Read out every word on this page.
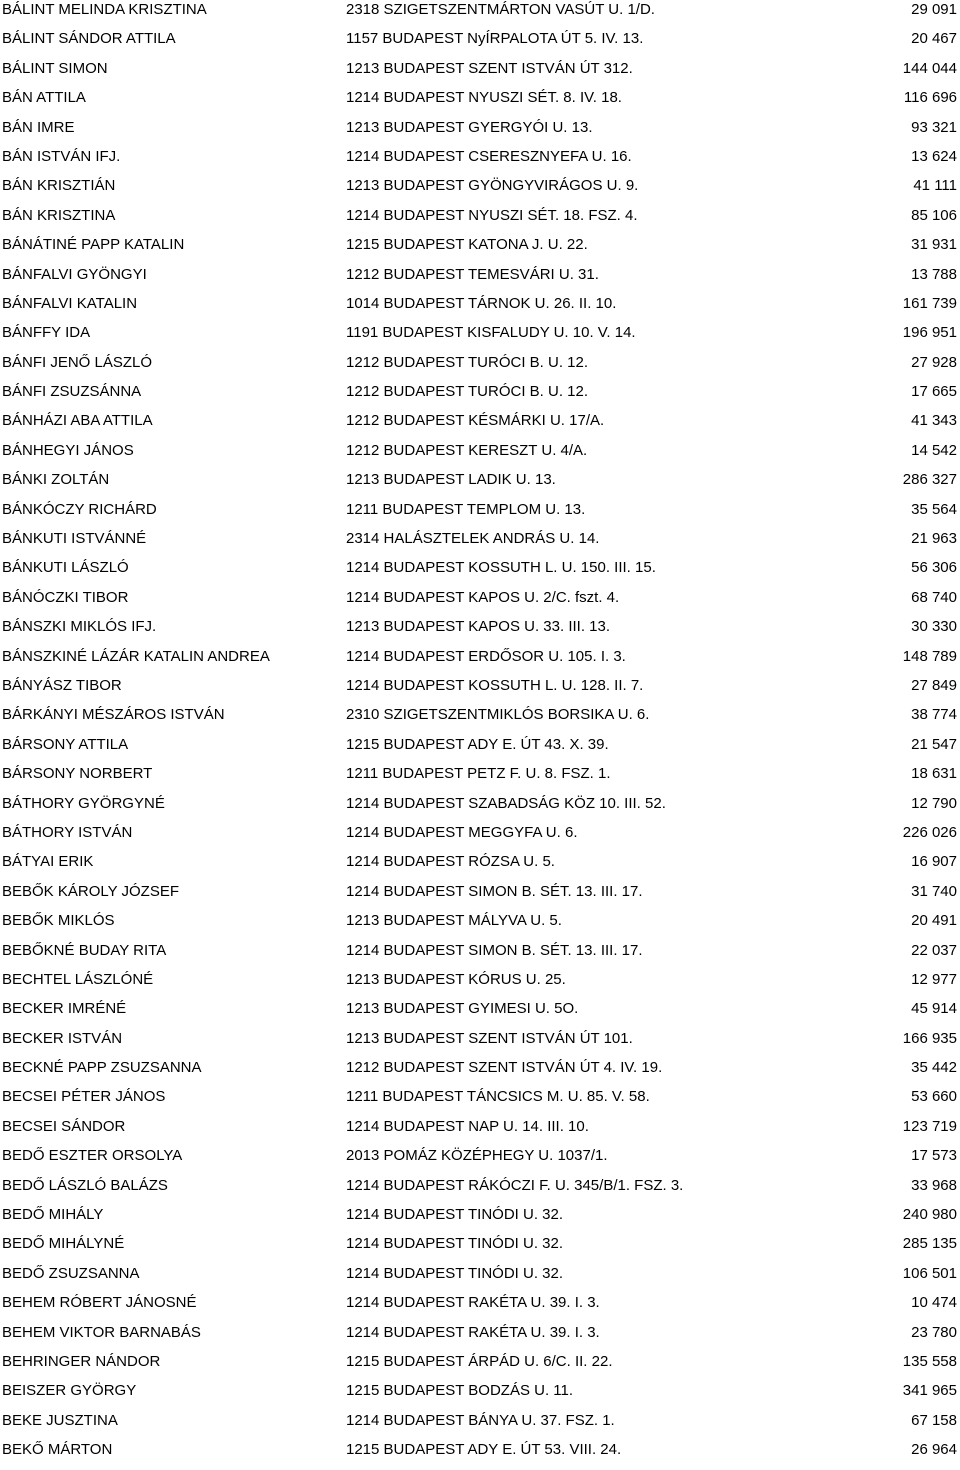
BÁLINT MELINDA KRISZTINA	2318 SZIGETSZENTMÁRTON VASÚT U. 1/D.	29 091
BÁLINT SÁNDOR ATTILA	1157 BUDAPEST NyÍRPALOTA ÚT 5. IV. 13.	20 467
BÁLINT SIMON	1213 BUDAPEST SZENT ISTVÁN ÚT 312.	144 044
BÁN ATTILA	1214 BUDAPEST NYUSZI SÉT. 8. IV. 18.	116 696
BÁN IMRE	1213 BUDAPEST GYERGYÓI U. 13.	93 321
BÁN ISTVÁN IFJ.	1214 BUDAPEST CSERESZNYEFA U. 16.	13 624
BÁN KRISZTIÁN	1213 BUDAPEST GYÖNGYVIRÁGOS U. 9.	41 111
BÁN KRISZTINA	1214 BUDAPEST NYUSZI SÉT. 18. FSZ. 4.	85 106
BÁNÁTINÉ PAPP KATALIN	1215 BUDAPEST KATONA J. U. 22.	31 931
BÁNFALVI GYÖNGYI	1212 BUDAPEST TEMESVÁRI U. 31.	13 788
BÁNFALVI KATALIN	1014 BUDAPEST TÁRNOK U. 26. II. 10.	161 739
BÁNFFY IDA	1191 BUDAPEST KISFALUDY U. 10. V. 14.	196 951
BÁNFI JENŐ LÁSZLÓ	1212 BUDAPEST TURÓCI B. U. 12.	27 928
BÁNFI ZSUZSÁNNA	1212 BUDAPEST TURÓCI B. U. 12.	17 665
BÁNHÁZI ABA ATTILA	1212 BUDAPEST KÉSMÁRKI U. 17/A.	41 343
BÁNHEGYI JÁNOS	1212 BUDAPEST KERESZT U. 4/A.	14 542
BÁNKI ZOLTÁN	1213 BUDAPEST LADIK U. 13.	286 327
BÁNKÓCZY RICHÁRD	1211 BUDAPEST TEMPLOM U. 13.	35 564
BÁNKUTI ISTVÁNNÉ	2314 HALÁSZTELEK ANDRÁS U. 14.	21 963
BÁNKUTI LÁSZLÓ	1214 BUDAPEST KOSSUTH L. U. 150. III. 15.	56 306
BÁNÓCZKI TIBOR	1214 BUDAPEST KAPOS U. 2/C. fszt. 4.	68 740
BÁNSZKI MIKLÓS IFJ.	1213 BUDAPEST KAPOS U. 33. III. 13.	30 330
BÁNSZKINÉ LÁZÁR KATALIN ANDREA	1214 BUDAPEST ERDŐSOR U. 105. I. 3.	148 789
BÁNYÁSZ TIBOR	1214 BUDAPEST KOSSUTH L. U. 128. II. 7.	27 849
BÁRKÁNYI MÉSZÁROS ISTVÁN	2310 SZIGETSZENTMIKLÓS BORSIKA U. 6.	38 774
BÁRSONY ATTILA	1215 BUDAPEST ADY E. ÚT 43. X. 39.	21 547
BÁRSONY NORBERT	1211 BUDAPEST PETZ F. U. 8. FSZ. 1.	18 631
BÁTHORY GYÖRGYNÉ	1214 BUDAPEST SZABADSÁG KÖZ 10. III. 52.	12 790
BÁTHORY ISTVÁN	1214 BUDAPEST MEGGYFA U. 6.	226 026
BÁTYAI ERIK	1214 BUDAPEST RÓZSA U. 5.	16 907
BEBŐK KÁROLY JÓZSEF	1214 BUDAPEST SIMON B. SÉT. 13. III. 17.	31 740
BEBŐK MIKLÓS	1213 BUDAPEST MÁLYVA U. 5.	20 491
BEBŐKNÉ BUDAY RITA	1214 BUDAPEST SIMON B. SÉT. 13. III. 17.	22 037
BECHTEL LÁSZLÓNÉ	1213 BUDAPEST KÓRUS U. 25.	12 977
BECKER IMRÉNÉ	1213 BUDAPEST GYIMESI U. 5O.	45 914
BECKER ISTVÁN	1213 BUDAPEST SZENT ISTVÁN ÚT 101.	166 935
BECKNÉ PAPP ZSUZSANNA	1212 BUDAPEST SZENT ISTVÁN ÚT 4. IV. 19.	35 442
BECSEI PÉTER JÁNOS	1211 BUDAPEST TÁNCSICS M. U. 85. V. 58.	53 660
BECSEI SÁNDOR	1214 BUDAPEST NAP U. 14. III. 10.	123 719
BEDŐ ESZTER ORSOLYA	2013 POMÁZ KÖZÉPHEGY U. 1037/1.	17 573
BEDŐ LÁSZLÓ BALÁZS	1214 BUDAPEST RÁKÓCZI F. U. 345/B/1. FSZ. 3.	33 968
BEDŐ MIHÁLY	1214 BUDAPEST TINÓDI U. 32.	240 980
BEDŐ MIHÁLYNÉ	1214 BUDAPEST TINÓDI U. 32.	285 135
BEDŐ ZSUZSANNA	1214 BUDAPEST TINÓDI U. 32.	106 501
BEHEM RÓBERT JÁNOSNÉ	1214 BUDAPEST RAKÉTA U. 39. I. 3.	10 474
BEHEM VIKTOR BARNABÁS	1214 BUDAPEST RAKÉTA U. 39. I. 3.	23 780
BEHRINGER NÁNDOR	1215 BUDAPEST ÁRPÁD U. 6/C. II. 22.	135 558
BEISZER GYÖRGY	1215 BUDAPEST BODZÁS U. 11.	341 965
BEKE JUSZTINA	1214 BUDAPEST BÁNYA U. 37. FSZ. 1.	67 158
BEKŐ MÁRTON	1215 BUDAPEST ADY E. ÚT 53. VIII. 24.	26 964
